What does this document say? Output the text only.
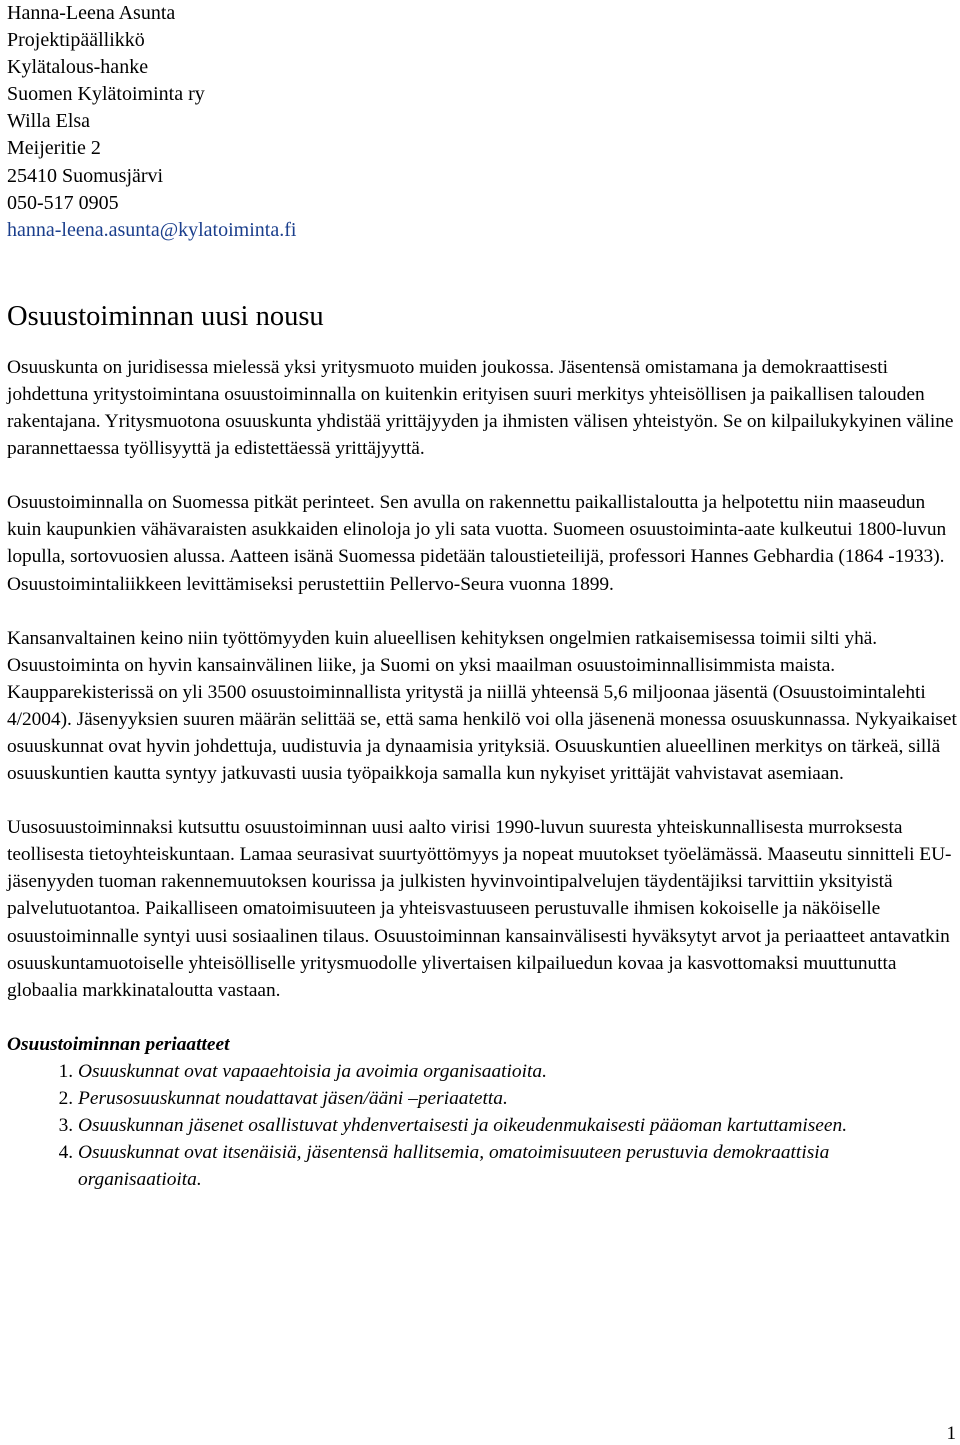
Hanna-Leena Asunta
Projektipäällikkö
Kylätalous-hanke
Suomen Kylätoiminta ry
Willa Elsa
Meijeritie 2
25410 Suomusjärvi
050-517 0905
hanna-leena.asunta@kylatoiminta.fi
Osuustoiminnan uusi nousu

Osuuskunta on juridisessa mielessä yksi yritysmuoto muiden joukossa. Jäsentensä omistamana ja demokraattisesti johdettuna yritystoimintana osuustoiminnalla on kuitenkin erityisen suuri merkitys yhteisöllisen ja paikallisen talouden rakentajana. Yritysmuotona osuuskunta yhdistää yrittäjyyden ja ihmisten välisen yhteistyön. Se on kilpailukykyinen väline parannettaessa työllisyyttä ja edistettäessä yrittäjyyttä.

Osuustoiminnalla on Suomessa pitkät perinteet. Sen avulla on rakennettu paikallistaloutta ja helpotettu niin maaseudun kuin kaupunkien vähävaraisten asukkaiden elinoloja jo yli sata vuotta. Suomeen osuustoiminta-aate kulkeutui 1800-luvun lopulla, sortovuosien alussa. Aatteen isänä Suomessa pidetään taloustieteilijä, professori Hannes Gebhardia (1864 -1933). Osuustoimintaliikkeen levittämiseksi perustettiin Pellervo-Seura vuonna 1899.

Kansanvaltainen keino niin työttömyyden kuin alueellisen kehityksen ongelmien ratkaisemisessa toimii silti yhä. Osuustoiminta on hyvin kansainvälinen liike, ja Suomi on yksi maailman osuustoiminnallisimmista maista. Kaupparekisterissä on yli 3500 osuustoiminnallista yritystä ja niillä yhteensä 5,6 miljoonaa jäsentä (Osuustoimintalehti 4/2004). Jäsenyyksien suuren määrän selittää se, että sama henkilö voi olla jäsenenä monessa osuuskunnassa. Nykyaikaiset osuuskunnat ovat hyvin johdettuja, uudistuvia ja dynaamisia yrityksiä. Osuuskuntien alueellinen merkitys on tärkeä, sillä osuuskuntien kautta syntyy jatkuvasti uusia työpaikkoja samalla kun nykyiset yrittäjät vahvistavat asemiaan.

Uusosuustoiminnaksi kutsuttu osuustoiminnan uusi aalto virisi 1990-luvun suuresta yhteiskunnallisesta murroksesta teollisesta tietoyhteiskuntaan. Lamaa seurasivat suurtyöttömyys ja nopeat muutokset työelämässä. Maaseutu sinnitteli EU-jäsenyyden tuoman rakennemuutoksen kourissa ja julkisten hyvinvointipalvelujen täydentäjiksi tarvittiin yksityistä palvelutuotantoa. Paikalliseen omatoimisuuteen ja yhteisvastuuseen perustuvalle ihmisen kokoiselle ja näköiselle osuustoiminnalle syntyi uusi sosiaalinen tilaus. Osuustoiminnan kansainvälisesti hyväksytyt arvot ja periaatteet antavatkin osuuskuntamuotoiselle yhteisölliselle yritysmuodolle ylivertaisen kilpailuedun kovaa ja kasvottomaksi muuttunutta globaalia markkinataloutta vastaan.

Osuustoiminnan periaatteet
1. Osuuskunnat ovat vapaaehtoisia ja avoimia organisaatioita.
2. Perusosuuskunnat noudattavat jäsen/ääni –periaatetta.
3. Osuuskunnan jäsenet osallistuvat yhdenvertaisesti ja oikeudenmukaisesti pääoman kartuttamiseen.
4. Osuuskunnat ovat itsenäisiä, jäsentensä hallitsemia, omatoimisuuteen perustuvia demokraattisia organisaatioita.
1
